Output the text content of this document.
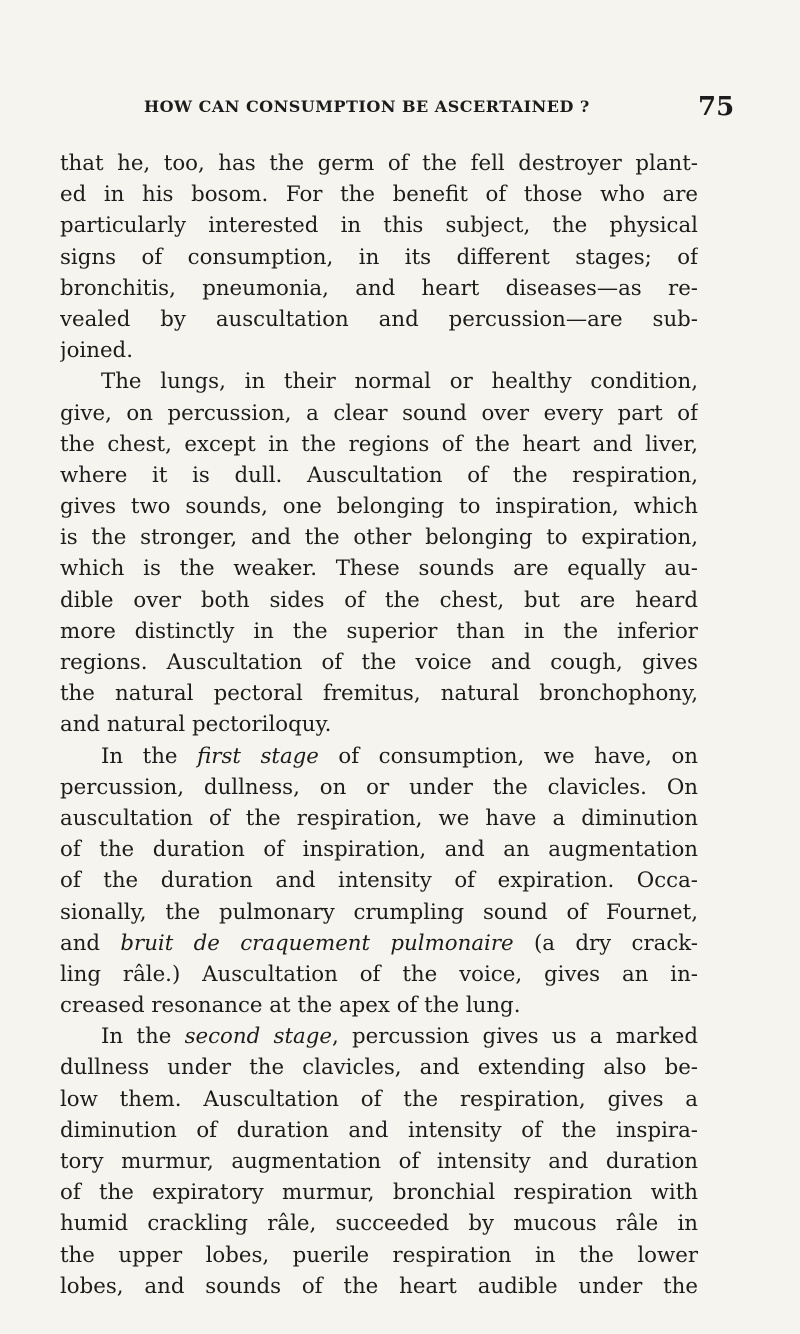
HOW CAN CONSUMPTION BE ASCERTAINED ?	75
that he, too, has the germ of the fell destroyer plant-
ed in his bosom. For the benefit of those who are
particularly interested in this subject, the physical
signs of consumption, in its different stages; of
bronchitis, pneumonia, and heart diseases—as re-
vealed by auscultation and percussion—are sub-
joined.
The lungs, in their normal or healthy condition,
give, on percussion, a clear sound over every part of
the chest, except in the regions of the heart and liver,
where it is dull. Auscultation of the respiration,
gives two sounds, one belonging to inspiration, which
is the stronger, and the other belonging to expiration,
which is the weaker. These sounds are equally au-
dible over both sides of the chest, but are heard
more distinctly in the superior than in the inferior
regions. Auscultation of the voice and cough, gives
the natural pectoral fremitus, natural bronchophony,
and natural pectoriloquy.
In the first stage of consumption, we have, on
percussion, dullness, on or under the clavicles. On
auscultation of the respiration, we have a diminution
of the duration of inspiration, and an augmentation
of the duration and intensity of expiration. Occa-
sionally, the pulmonary crumpling sound of Fournet,
and bruit de craquement pulmonaire (a dry crack-
ling râle.) Auscultation of the voice, gives an in-
creased resonance at the apex of the lung.
In the second stage, percussion gives us a marked
dullness under the clavicles, and extending also be-
low them. Auscultation of the respiration, gives a
diminution of duration and intensity of the inspira-
tory murmur, augmentation of intensity and duration
of the expiratory murmur, bronchial respiration with
humid crackling râle, succeeded by mucous râle in
the upper lobes, puerile respiration in the lower
lobes, and sounds of the heart audible under the
